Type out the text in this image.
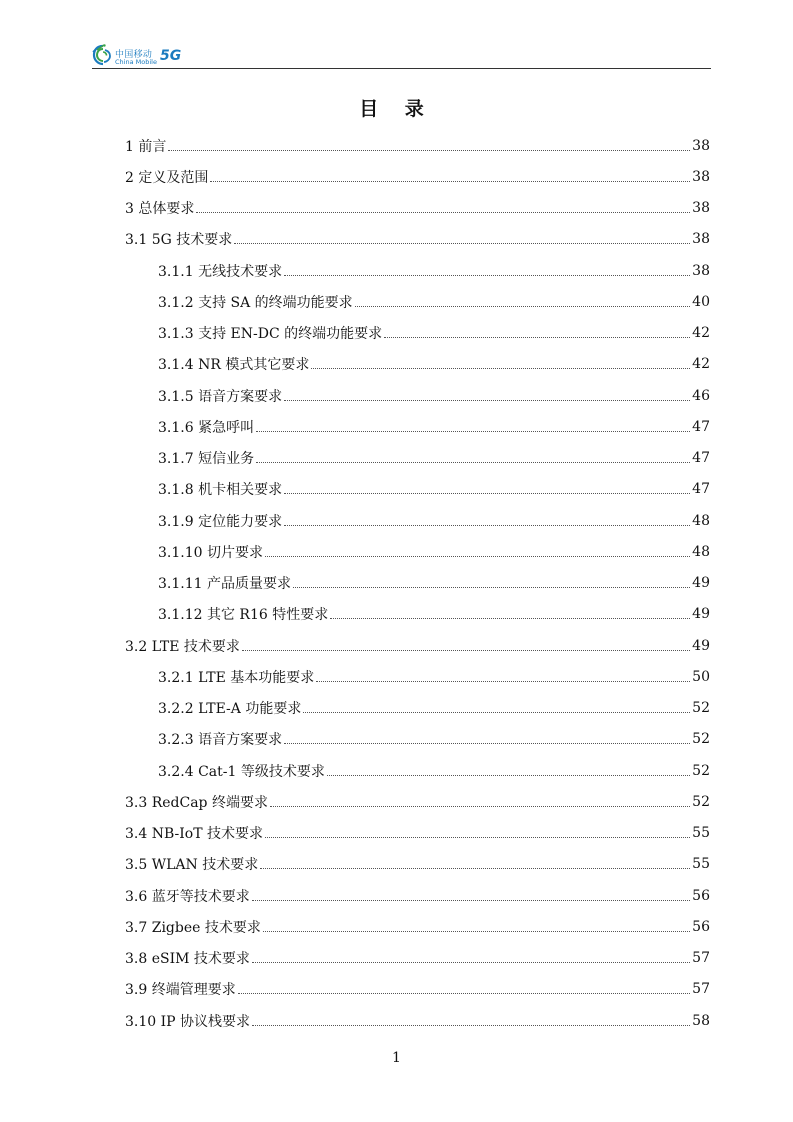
中国移动
China Mobile 5G
目 录
1 前言	38
2 定义及范围	38
3 总体要求	38
3.1 5G 技术要求	38
3.1.1 无线技术要求	38
3.1.2 支持 SA 的终端功能要求	40
3.1.3 支持 EN-DC 的终端功能要求	42
3.1.4 NR 模式其它要求	42
3.1.5 语音方案要求	46
3.1.6 紧急呼叫	47
3.1.7 短信业务	47
3.1.8 机卡相关要求	47
3.1.9 定位能力要求	48
3.1.10 切片要求	48
3.1.11 产品质量要求	49
3.1.12 其它 R16 特性要求	49
3.2 LTE 技术要求	49
3.2.1 LTE 基本功能要求	50
3.2.2 LTE-A 功能要求	52
3.2.3 语音方案要求	52
3.2.4 Cat-1 等级技术要求	52
3.3 RedCap 终端要求	52
3.4 NB-IoT 技术要求	55
3.5 WLAN 技术要求	55
3.6 蓝牙等技术要求	56
3.7 Zigbee 技术要求	56
3.8 eSIM 技术要求	57
3.9 终端管理要求	57
3.10 IP 协议栈要求	58
1
